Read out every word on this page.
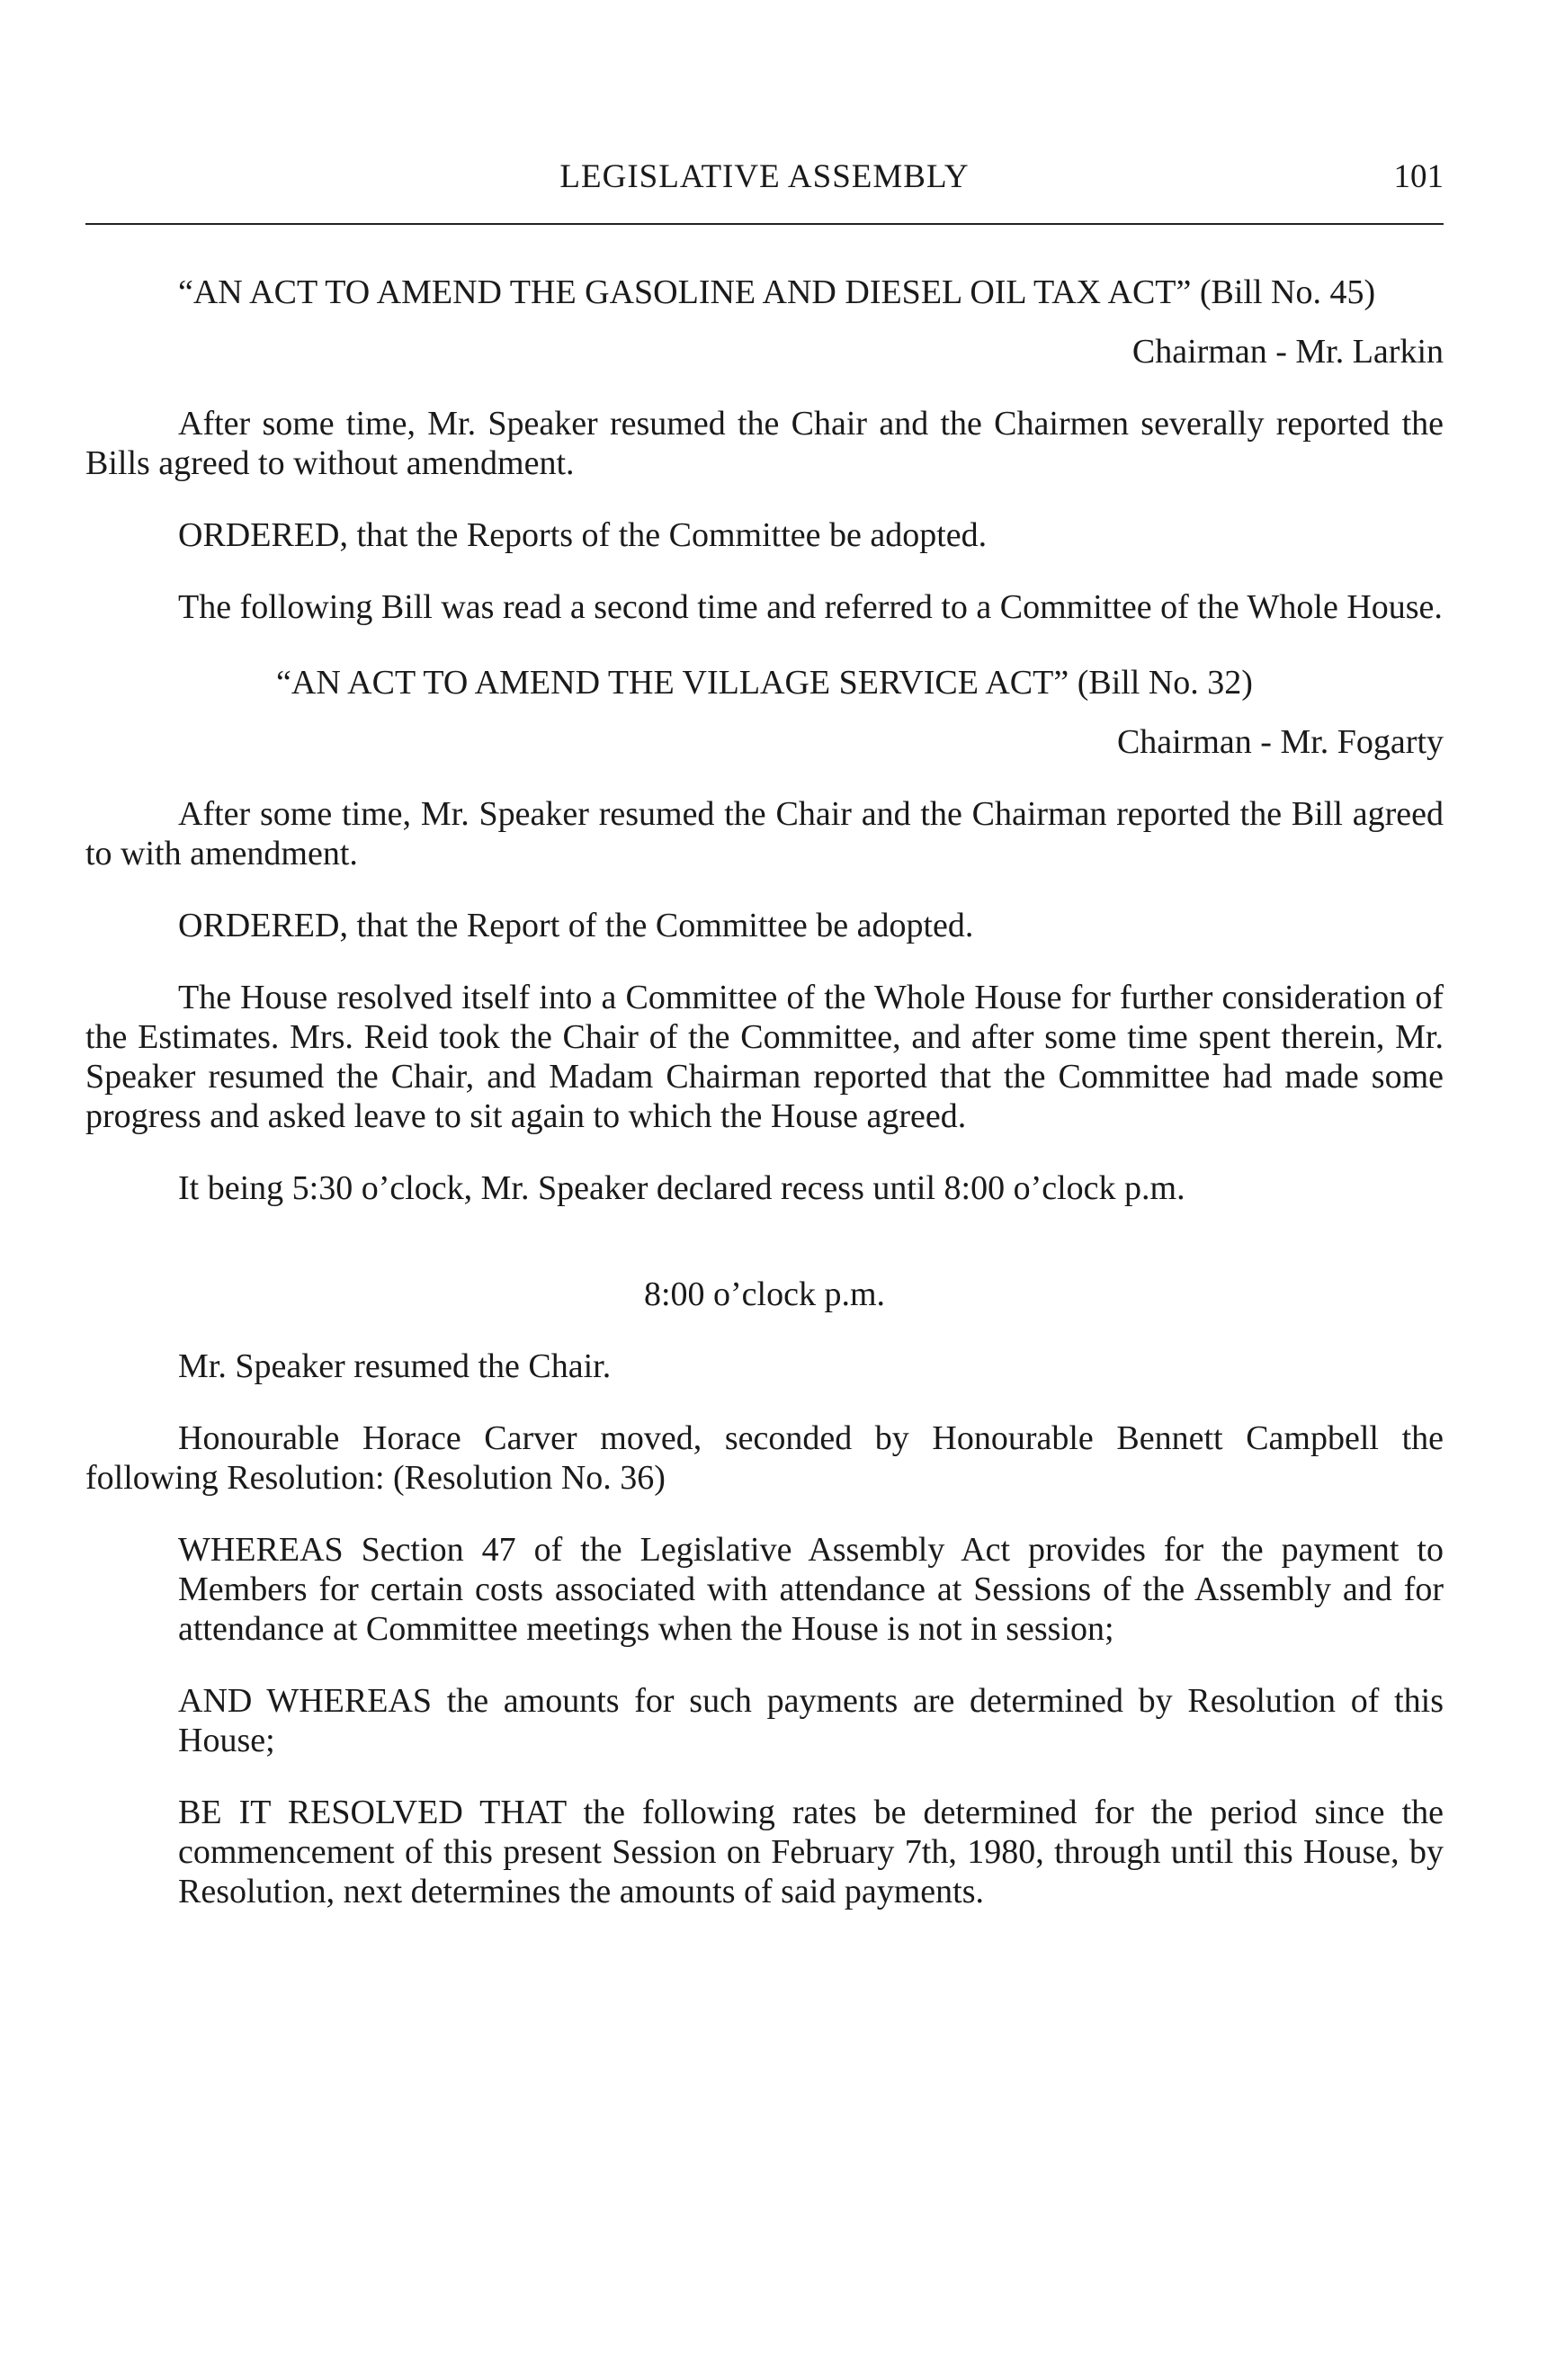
LEGISLATIVE ASSEMBLY	101

“AN ACT TO AMEND THE GASOLINE AND DIESEL OIL TAX ACT” (Bill No. 45)

Chairman - Mr. Larkin

After some time, Mr. Speaker resumed the Chair and the Chairmen severally reported the Bills agreed to without amendment.

ORDERED, that the Reports of the Committee be adopted.

The following Bill was read a second time and referred to a Committee of the Whole House.

“AN ACT TO AMEND THE VILLAGE SERVICE ACT” (Bill No. 32)

Chairman - Mr. Fogarty

After some time, Mr. Speaker resumed the Chair and the Chairman reported the Bill agreed to with amendment.

ORDERED, that the Report of the Committee be adopted.

The House resolved itself into a Committee of the Whole House for further consideration of the Estimates. Mrs. Reid took the Chair of the Committee, and after some time spent therein, Mr. Speaker resumed the Chair, and Madam Chairman reported that the Committee had made some progress and asked leave to sit again to which the House agreed.

It being 5:30 o’clock, Mr. Speaker declared recess until 8:00 o’clock p.m.

8:00 o’clock p.m.

Mr. Speaker resumed the Chair.

Honourable Horace Carver moved, seconded by Honourable Bennett Campbell the following Resolution: (Resolution No. 36)

WHEREAS Section 47 of the Legislative Assembly Act provides for the payment to Members for certain costs associated with attendance at Sessions of the Assembly and for attendance at Committee meetings when the House is not in session;

AND WHEREAS the amounts for such payments are determined by Resolution of this House;

BE IT RESOLVED THAT the following rates be determined for the period since the commencement of this present Session on February 7th, 1980, through until this House, by Resolution, next determines the amounts of said payments.
